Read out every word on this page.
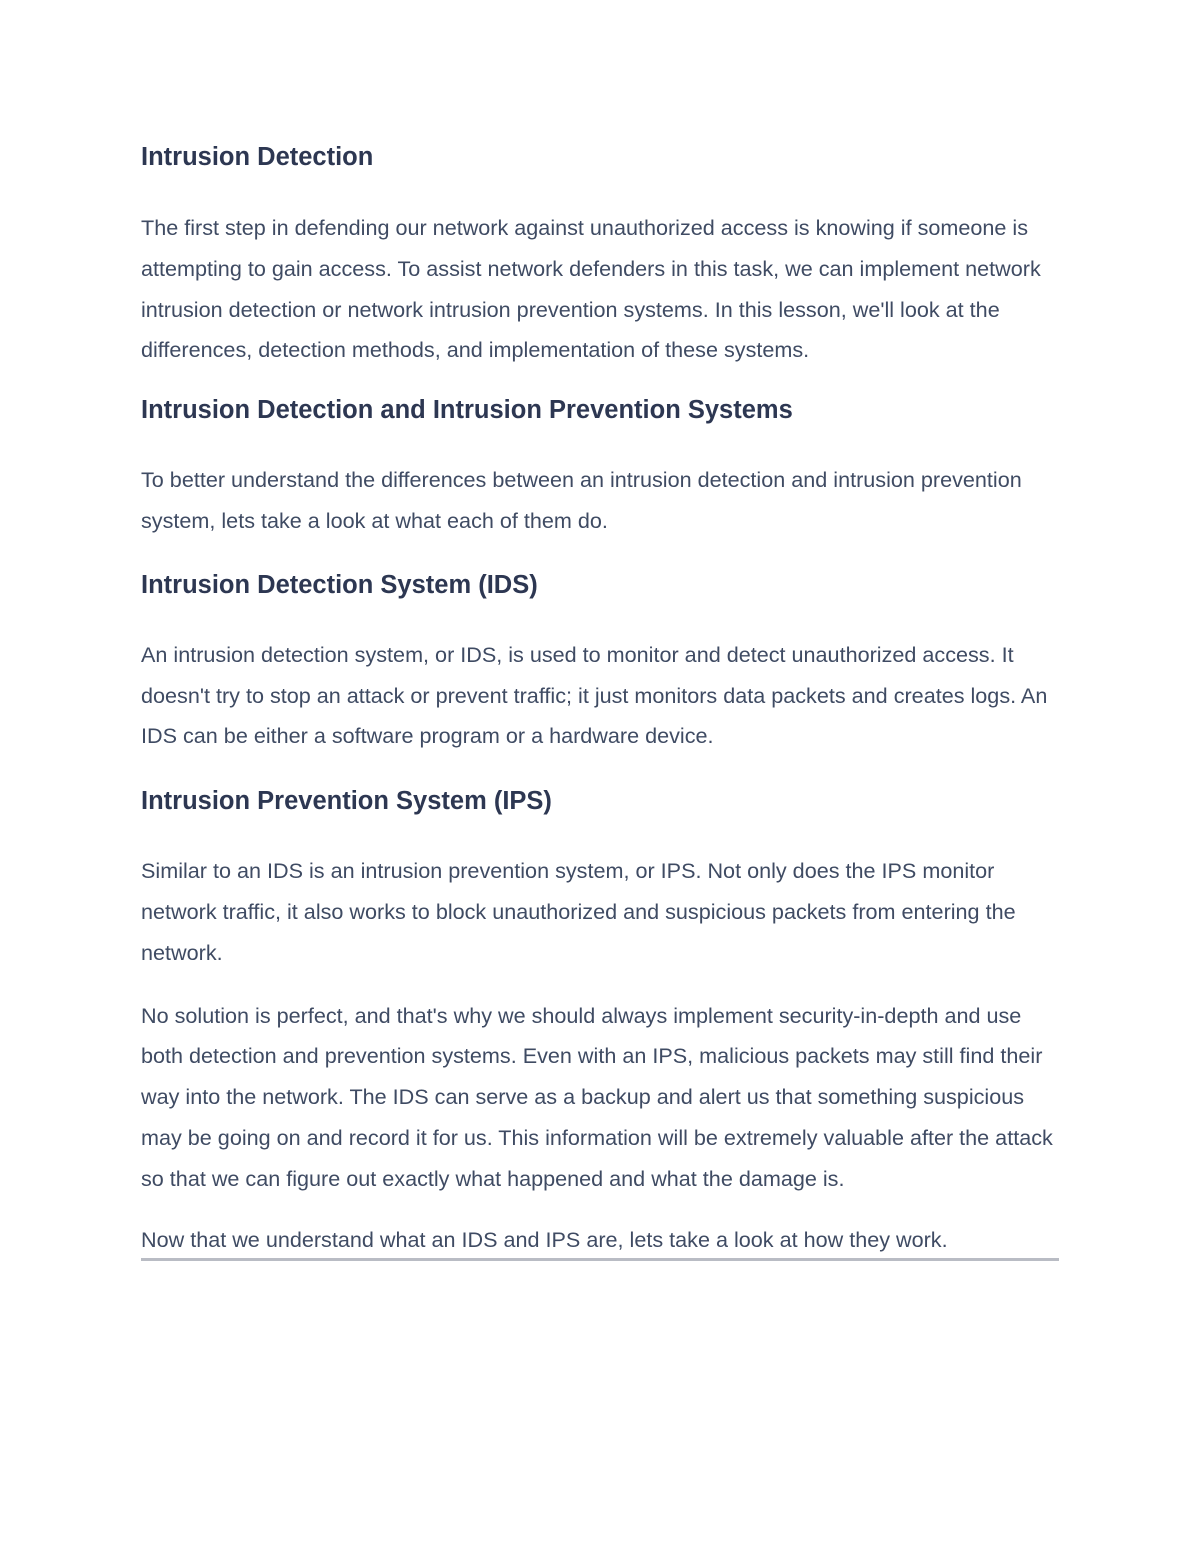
Intrusion Detection

The first step in defending our network against unauthorized access is knowing if someone is attempting to gain access. To assist network defenders in this task, we can implement network intrusion detection or network intrusion prevention systems. In this lesson, we'll look at the differences, detection methods, and implementation of these systems.

Intrusion Detection and Intrusion Prevention Systems

To better understand the differences between an intrusion detection and intrusion prevention system, lets take a look at what each of them do.

Intrusion Detection System (IDS)

An intrusion detection system, or IDS, is used to monitor and detect unauthorized access. It doesn't try to stop an attack or prevent traffic; it just monitors data packets and creates logs. An IDS can be either a software program or a hardware device.

Intrusion Prevention System (IPS)

Similar to an IDS is an intrusion prevention system, or IPS. Not only does the IPS monitor network traffic, it also works to block unauthorized and suspicious packets from entering the network.

No solution is perfect, and that's why we should always implement security-in-depth and use both detection and prevention systems. Even with an IPS, malicious packets may still find their way into the network. The IDS can serve as a backup and alert us that something suspicious may be going on and record it for us. This information will be extremely valuable after the attack so that we can figure out exactly what happened and what the damage is.

Now that we understand what an IDS and IPS are, lets take a look at how they work.
